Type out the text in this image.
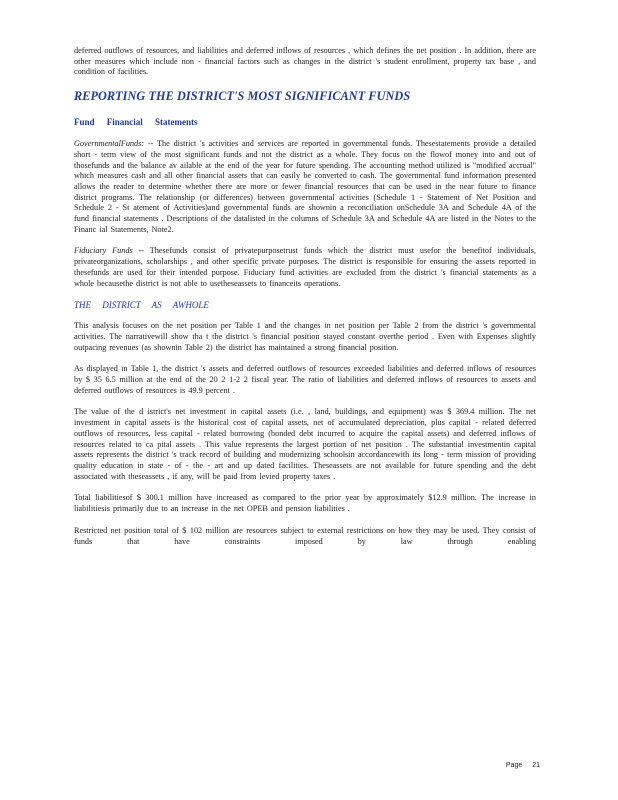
deferred outflows of resources, and liabilities and deferred inflows of resources , which defines the net position . In addition, there are other measures which include non - financial factors such as changes in the district 's student enrollment, property tax base , and condition of facilities.

REPORTING THE DISTRICT'S MOST SIGNIFICANT FUNDS
Fund Financial Statements

GovernmentalFunds: -- The district 's activities and services are reported in governmental funds. Thesestatements provide a detailed short - term view of the most significant funds and not the district as a whole. They focus on the flowof money into and out of thosefunds and the balance av ailable at the end of the year for future spending. The accounting method utilized is "modified accrual" which measures cash and all other financial assets that can easily be converted to cash. The governmental fund information presented allows the reader to determine whether there are more or fewer financial resources that can be used in the near future to finance district programs. The relationship (or differences) between governmental activities (Schedule 1 - Statement of Net Position and Schedule 2 - St atement of Activities)and governmental funds are shownin a reconciliation onSchedule 3A and Schedule 4A of the fund financial statements . Descriptions of the datalisted in the columns of Schedule 3A and Schedule 4A are listed in the Notes to the Financ ial Statements, Note2.

Fiduciary Funds -- Thesefunds consist of privatepurposetrust funds which the district must usefor the benefitof individuals, privateorganizations, scholarships , and other specific private purposes. The district is responsible for ensuring the assets reported in thesefunds are used for their intended purpose. Fiduciary fund activities are excluded from the district 's financial statements as a whole becausethe district is not able to usetheseassets to financeits operations.

THE DISTRICT AS AWHOLE

This analysis focuses on the net position per Table 1 and the changes in net position per Table 2 from the district 's governmental activities. The narrativewill show tha t the district 's financial position stayed constant overthe period . Even with Expenses slightly outpacing revenues (as shownin Table 2) the district has maintained a strong financial position.

As displayed in Table 1, the district 's assets and deferred outflows of resources exceeded liabilities and deferred inflows of resources by $ 35 6.5 million at the end of the 20 2 1-2 2 fiscal year. The ratio of liabilities and deferred inflows of resources to assets and deferred outflows of resources is 49.9 percent .

The value of the d istrict's net investment in capital assets (i.e. , land, buildings, and equipment) was $ 369.4 million. The net investment in capital assets is the historical cost of capital assets, net of accumulated depreciation, plus capital - related deferred outflows of resources, less capital - related borrowing (bonded debt incurred to acquire the capital assets) and deferred inflows of resources related to ca pital assets . This value represents the largest portion of net position . The substantial investmentin capital assets represents the district 's track record of building and modernizing schoolsin accordancewith its long - term mission of providing quality education in state - of - the - art and up dated facilities. Theseassets are not available for future spending and the debt associated with theseassets , if any, will be paid from levied property taxes .

Total liabilitiesof $ 300.1 million have increased as compared to the prior year by approximately $12.9 million. The increase in liabilitiesis primarily due to an increase in the net OPEB and pension liabilities .

Restricted net position total of $ 102 million are resources subject to external restrictions on how they may be used. They consist of funds that have constraints imposed by law through enabling

Page 21
